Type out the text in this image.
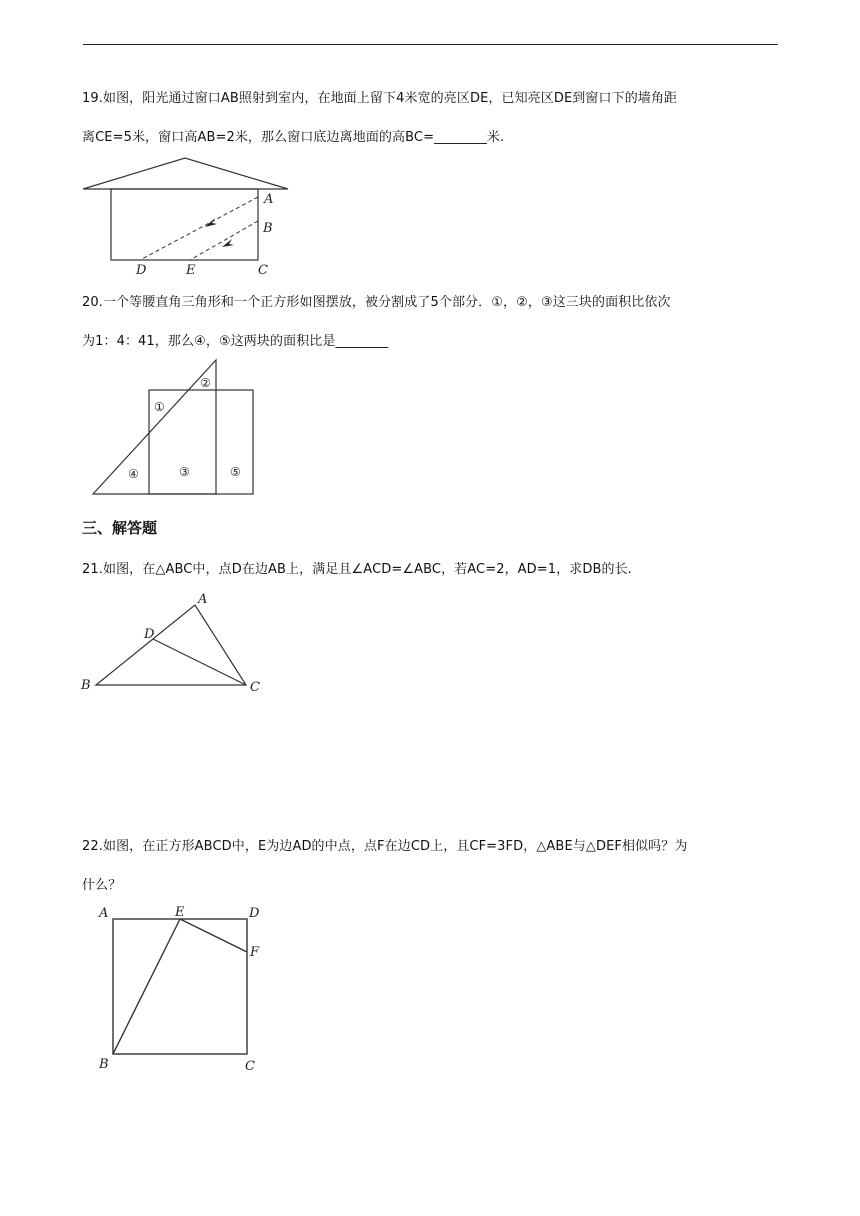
19.如图，阳光通过窗口AB照射到室内，在地面上留下4米宽的亮区DE，已知亮区DE到窗口下的墙角距
离CE=5米，窗口高AB=2米，那么窗口底边离地面的高BC=________米.
A
B
D	E	C
20.一个等腰直角三角形和一个正方形如图摆放，被分割成了5个部分．①，②，③这三块的面积比依次
为1：4：41，那么④，⑤这两块的面积比是________
①
②
③
④	⑤
三、解答题
21.如图，在△ABC中，点D在边AB上，满足且∠ACD=∠ABC，若AC=2，AD=1，求DB的长.
A
D
B	C
22.如图，在正方形ABCD中，E为边AD的中点，点F在边CD上，且CF=3FD，△ABE与△DEF相似吗？为
什么？
A	E	D
F
B	C
